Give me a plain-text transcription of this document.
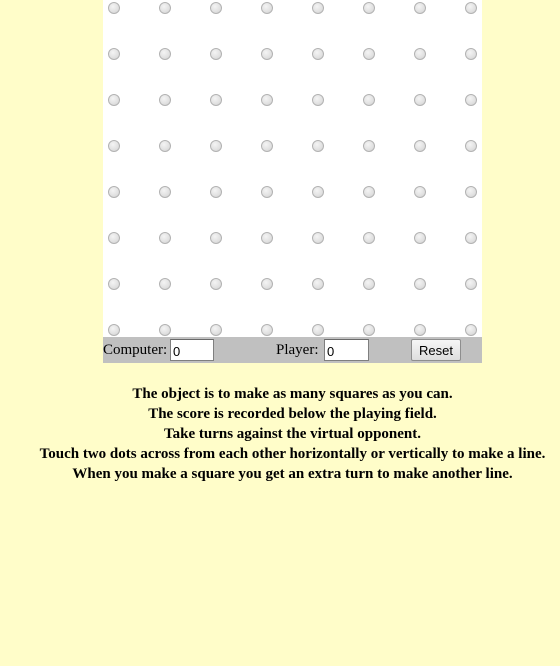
Computer:
0	Player:
0	Reset
The object is to make as many squares as you can.
The score is recorded below the playing field.
Take turns against the virtual opponent.
Touch two dots across from each other horizontally or vertically to make a line.
When you make a square you get an extra turn to make another line.
